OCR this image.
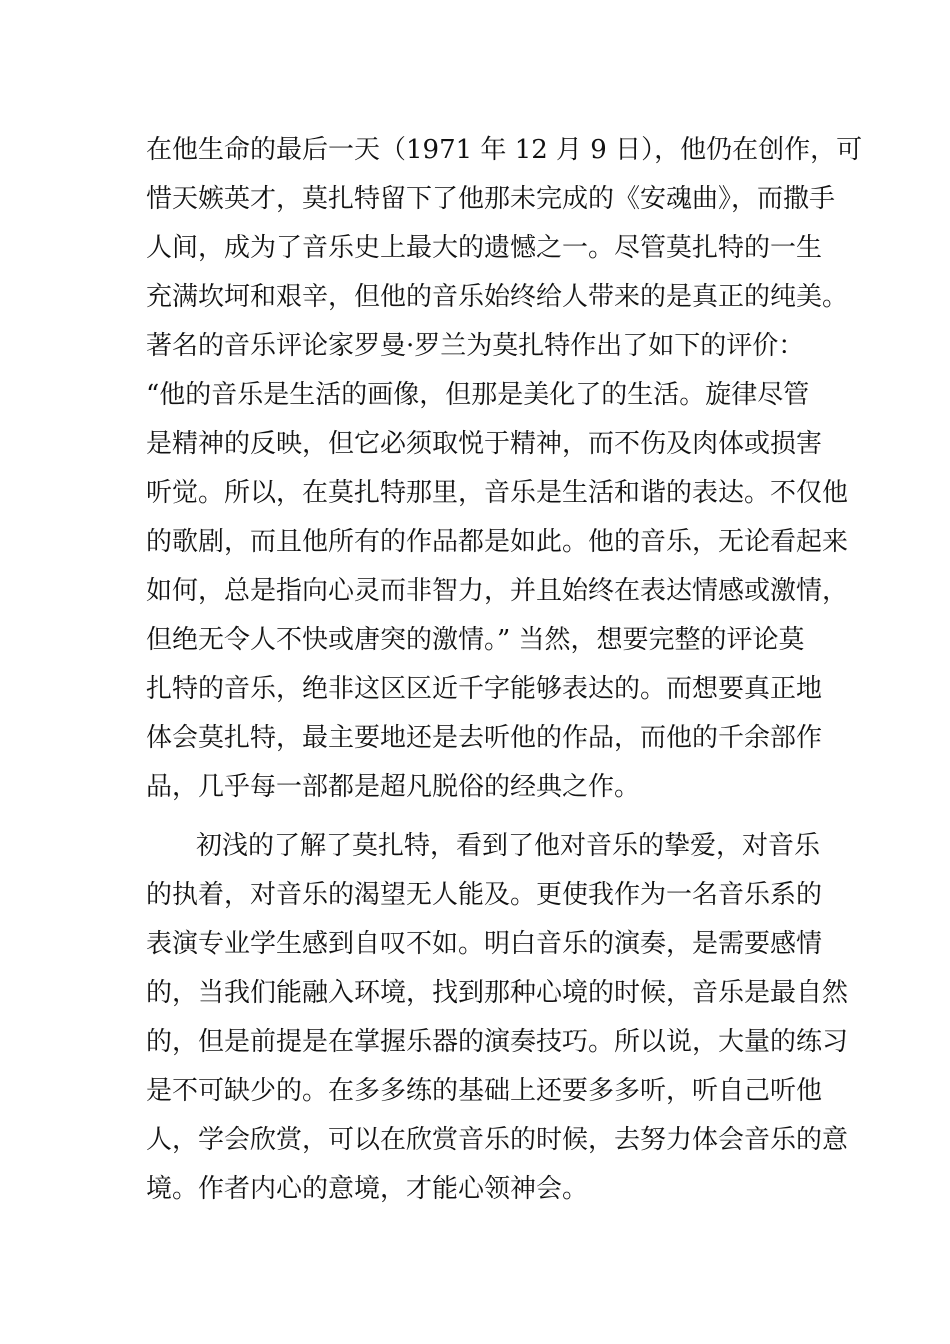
在他生命的最后一天（1971 年 12 月 9 日），他仍在创作，可
惜天嫉英才，莫扎特留下了他那未完成的《安魂曲》，而撒手
人间，成为了音乐史上最大的遗憾之一。尽管莫扎特的一生
充满坎坷和艰辛，但他的音乐始终给人带来的是真正的纯美。
著名的音乐评论家罗曼·罗兰为莫扎特作出了如下的评价：
“他的音乐是生活的画像，但那是美化了的生活。旋律尽管
是精神的反映，但它必须取悦于精神，而不伤及肉体或损害
听觉。所以，在莫扎特那里，音乐是生活和谐的表达。不仅他
的歌剧，而且他所有的作品都是如此。他的音乐，无论看起来
如何，总是指向心灵而非智力，并且始终在表达情感或激情，
但绝无令人不快或唐突的激情。” 当然，想要完整的评论莫
扎特的音乐，绝非这区区近千字能够表达的。而想要真正地
体会莫扎特，最主要地还是去听他的作品，而他的千余部作
品，几乎每一部都是超凡脱俗的经典之作。
初浅的了解了莫扎特，看到了他对音乐的挚爱，对音乐
的执着，对音乐的渴望无人能及。更使我作为一名音乐系的
表演专业学生感到自叹不如。明白音乐的演奏，是需要感情
的，当我们能融入环境，找到那种心境的时候，音乐是最自然
的，但是前提是在掌握乐器的演奏技巧。所以说，大量的练习
是不可缺少的。在多多练的基础上还要多多听，听自己听他
人，学会欣赏，可以在欣赏音乐的时候，去努力体会音乐的意
境。作者内心的意境，才能心领神会。
